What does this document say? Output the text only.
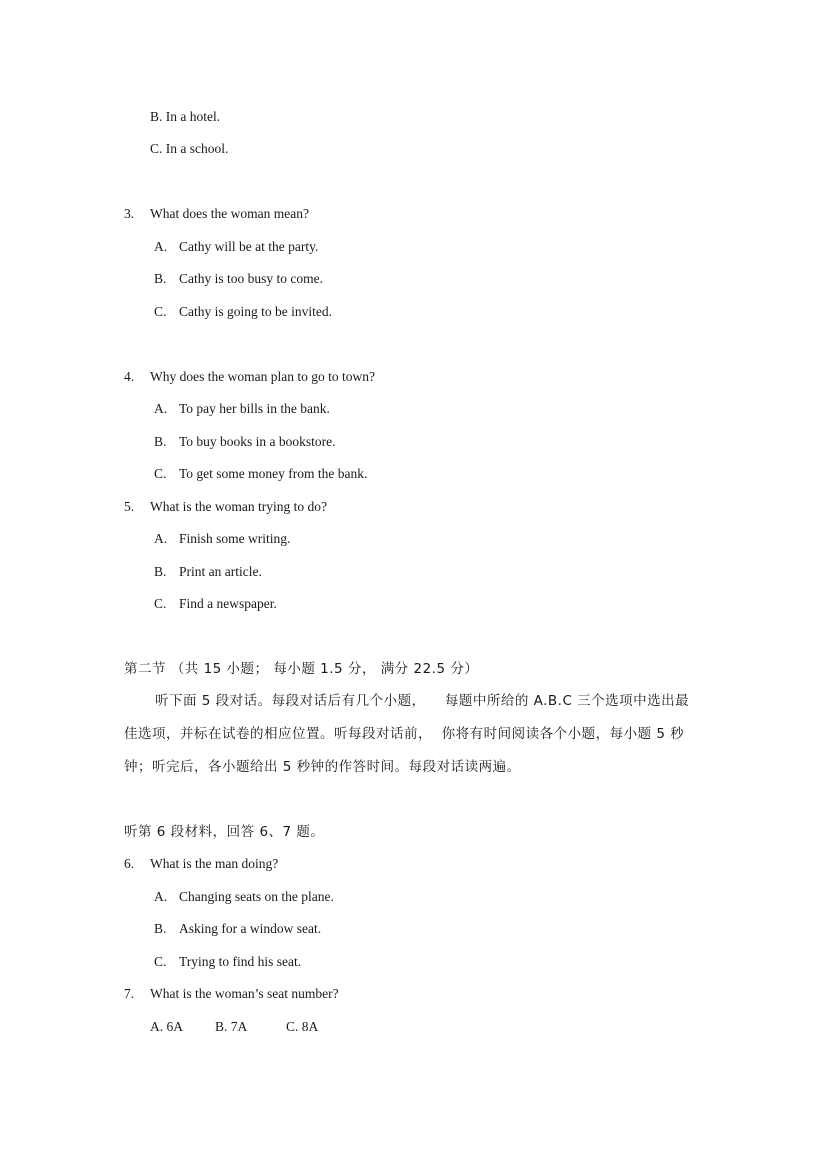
B. In a hotel.
C. In a school.
3. What does the woman mean?
A. Cathy will be at the party.
B. Cathy is too busy to come.
C. Cathy is going to be invited.
4. Why does the woman plan to go to town?
A. To pay her bills in the bank.
B. To buy books in a bookstore.
C. To get some money from the bank.
5. What is the woman trying to do?
A. Finish some writing.
B. Print an article.
C. Find a newspaper.
第二节 （共 15 小题； 每小题 1.5 分， 满分 22.5 分）
听下面 5 段对话。每段对话后有几个小题，    每题中所给的 A.B.C 三个选项中选出最
佳选项，并标在试卷的相应位置。听每段对话前，  你将有时间阅读各个小题，每小题 5 秒
钟；听完后，各小题给出 5 秒钟的作答时间。每段对话读两遍。
听第 6 段材料，回答 6、7 题。
6. What is the man doing?
A. Changing seats on the plane.
B. Asking for a window seat.
C. Trying to find his seat.
7. What is the woman’s seat number?
A. 6A B. 7A	C. 8A
